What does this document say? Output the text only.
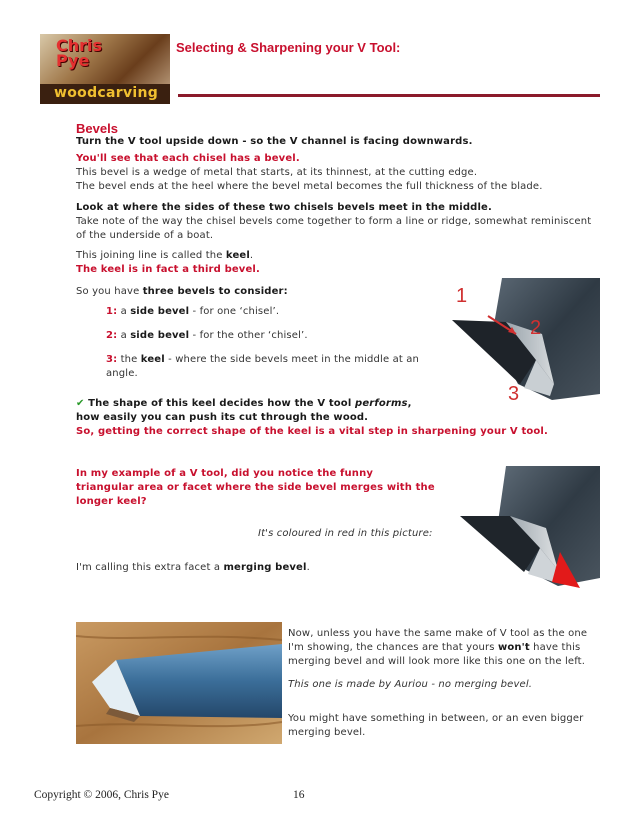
Chris
Pye
woodcarving
Selecting & Sharpening your V Tool:
Bevels
Turn the V tool upside down - so the V channel is facing downwards.
You'll see that each chisel has a bevel.
This bevel is a wedge of metal that starts, at its thinnest, at the cutting edge.
The bevel ends at the heel where the bevel metal becomes the full thickness of the blade.
Look at where the sides of these two chisels bevels meet in the middle.
Take note of the way the chisel bevels come together to form a line or ridge, somewhat reminiscent
of the underside of a boat.
This joining line is called the keel.
The keel is in fact a third bevel.
So you have three bevels to consider:
1: a side bevel - for one ‘chisel’.
2: a side bevel - for the other ‘chisel’.
3: the keel - where the side bevels meet in the middle at an
angle.
✔ The shape of this keel decides how the V tool performs,
how easily you can push its cut through the wood.
So, getting the correct shape of the keel is a vital step in sharpening your V tool.
1
2
3
In my example of a V tool, did you notice the funny
triangular area or facet where the side bevel merges with the
longer keel?
It's coloured in red in this picture:
I'm calling this extra facet a merging bevel.
Now, unless you have the same make of V tool as the one
I'm showing, the chances are that yours won't have this
merging bevel and will look more like this one on the left.
This one is made by Auriou - no merging bevel.
You might have something in between, or an even bigger
merging bevel.
Copyright © 2006, Chris Pye	16
